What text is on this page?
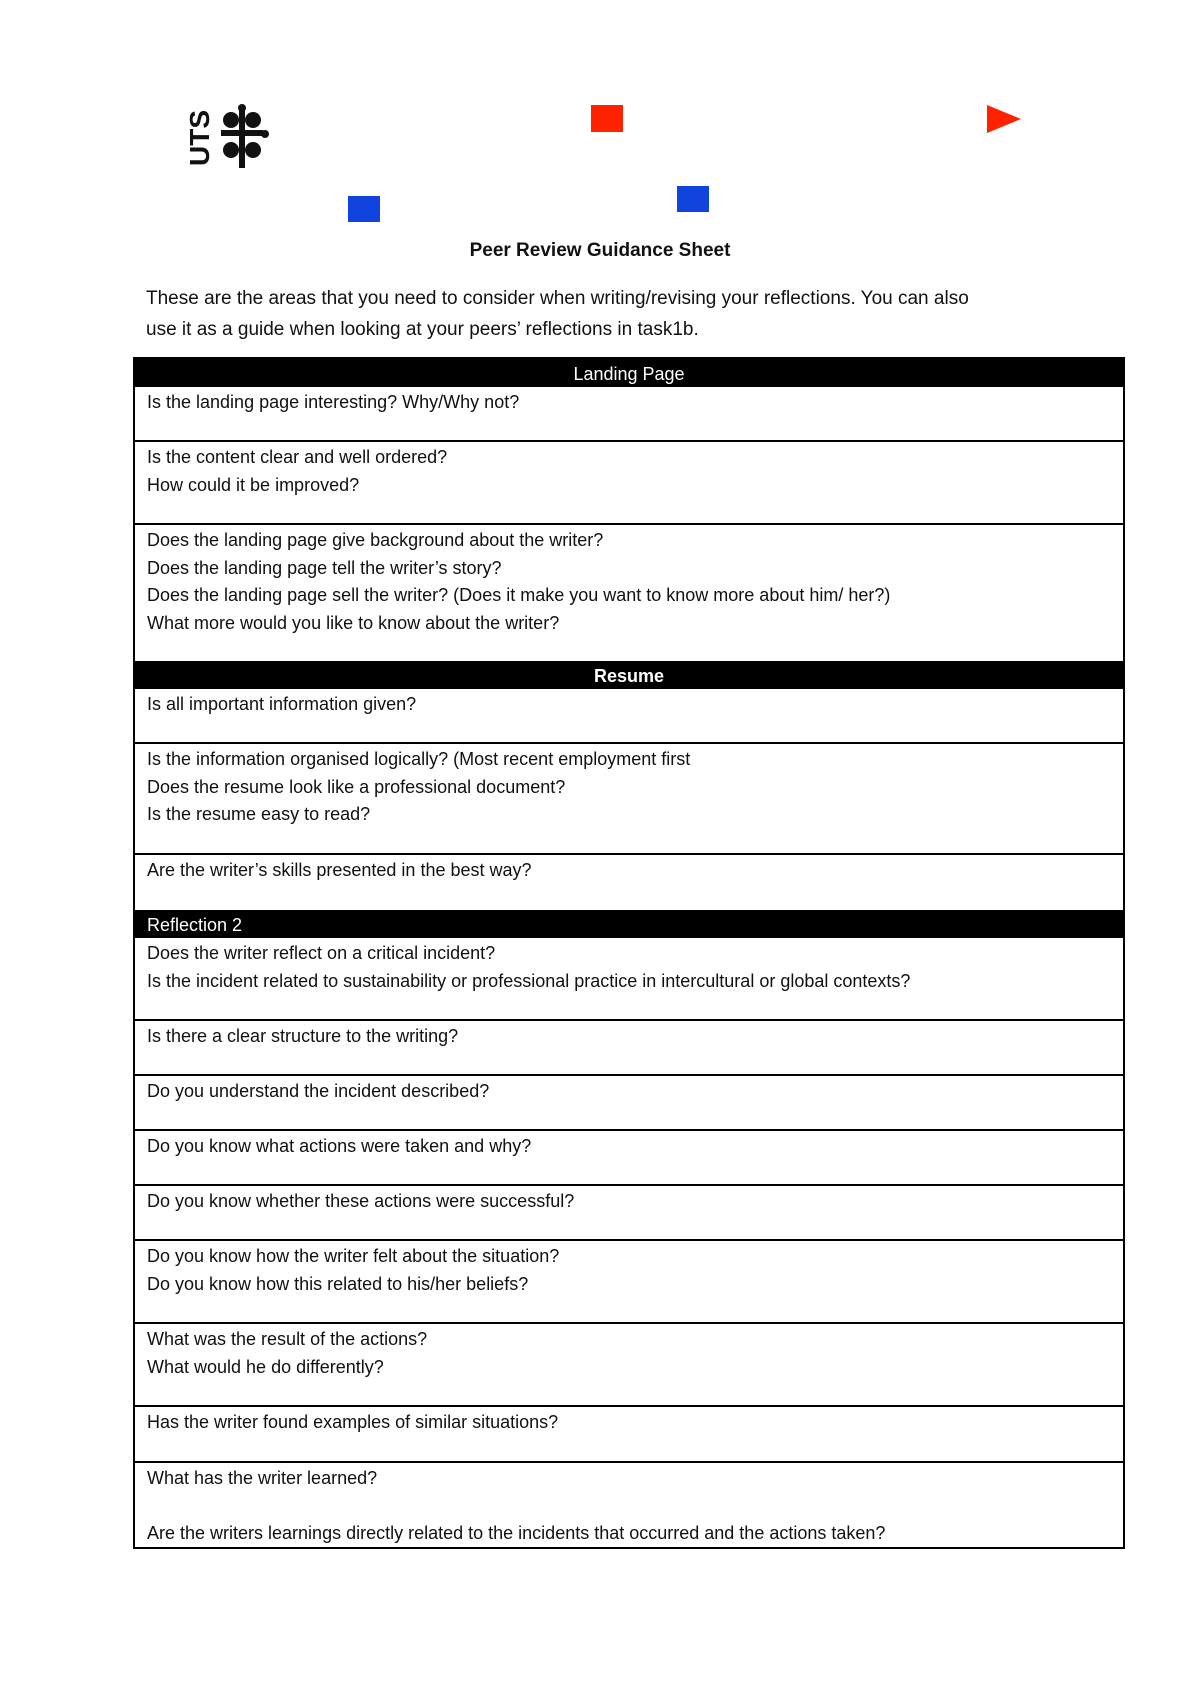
UTS
Peer Review Guidance Sheet
These are the areas that you need to consider when writing/revising your reflections. You can also
use it as a guide when looking at your peers’ reflections in task1b.
Landing Page
Is the landing page interesting? Why/Why not?
Is the content clear and well ordered?
How could it be improved?
Does the landing page give background about the writer?
Does the landing page tell the writer’s story?
Does the landing page sell the writer? (Does it make you want to know more about him/ her?)
What more would you like to know about the writer?
Resume
Is all important information given?
Is the information organised logically? (Most recent employment first
Does the resume look like a professional document?
Is the resume easy to read?
Are the writer’s skills presented in the best way?
Reflection 2
Does the writer reflect on a critical incident?
Is the incident related to sustainability or professional practice in intercultural or global contexts?
Is there a clear structure to the writing?
Do you understand the incident described?
Do you know what actions were taken and why?
Do you know whether these actions were successful?
Do you know how the writer felt about the situation?
Do you know how this related to his/her beliefs?
What was the result of the actions?
What would he do differently?
Has the writer found examples of similar situations?
What has the writer learned?
Are the writers learnings directly related to the incidents that occurred and the actions taken?
